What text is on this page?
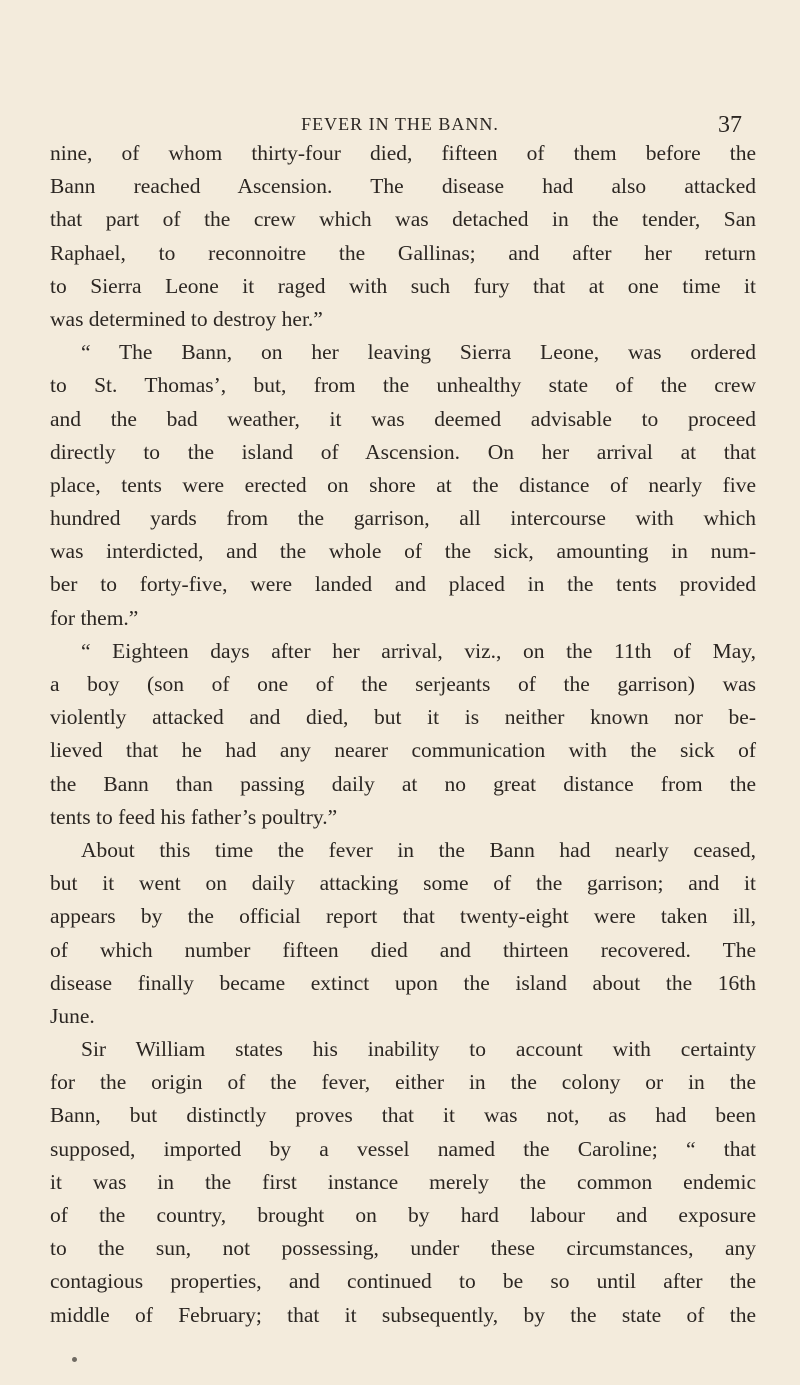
FEVER IN THE BANN.	37
nine, of whom thirty-four died, fifteen of them before the
Bann reached Ascension. The disease had also attacked
that part of the crew which was detached in the tender, San
Raphael, to reconnoitre the Gallinas; and after her return
to Sierra Leone it raged with such fury that at one time it
was determined to destroy her.”
“ The Bann, on her leaving Sierra Leone, was ordered
to St. Thomas’, but, from the unhealthy state of the crew
and the bad weather, it was deemed advisable to proceed
directly to the island of Ascension. On her arrival at that
place, tents were erected on shore at the distance of nearly five
hundred yards from the garrison, all intercourse with which
was interdicted, and the whole of the sick, amounting in num-
ber to forty-five, were landed and placed in the tents provided
for them.”
“ Eighteen days after her arrival, viz., on the 11th of May,
a boy (son of one of the serjeants of the garrison) was
violently attacked and died, but it is neither known nor be-
lieved that he had any nearer communication with the sick of
the Bann than passing daily at no great distance from the
tents to feed his father’s poultry.”
About this time the fever in the Bann had nearly ceased,
but it went on daily attacking some of the garrison; and it
appears by the official report that twenty-eight were taken ill,
of which number fifteen died and thirteen recovered. The
disease finally became extinct upon the island about the 16th
June.
Sir William states his inability to account with certainty
for the origin of the fever, either in the colony or in the
Bann, but distinctly proves that it was not, as had been
supposed, imported by a vessel named the Caroline; “ that
it was in the first instance merely the common endemic
of the country, brought on by hard labour and exposure
to the sun, not possessing, under these circumstances, any
contagious properties, and continued to be so until after the
middle of February; that it subsequently, by the state of the
